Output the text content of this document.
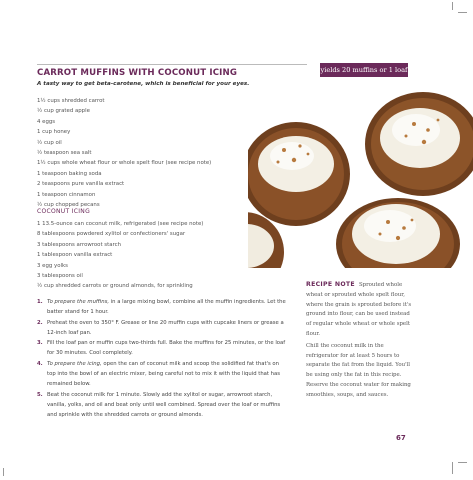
yields 20 muffins or 1 loaf
CARROT MUFFINS WITH COCONUT ICING
A tasty way to get beta-carotene, which is beneficial for your eyes.
1½ cups shredded carrot
½ cup grated apple
4 eggs
1 cup honey
½ cup oil
½ teaspoon sea salt
1½ cups whole wheat flour or whole spelt flour (see recipe note)
1 teaspoon baking soda
2 teaspoons pure vanilla extract
1 teaspoon cinnamon
½ cup chopped pecans
COCONUT ICING
1 13.5-ounce can coconut milk, refrigerated (see recipe note)
8 tablespoons powdered xylitol or confectioners' sugar
3 tablespoons arrowroot starch
1 tablespoon vanilla extract
3 egg yolks
3 tablespoons oil
½ cup shredded carrots or ground almonds, for sprinkling
1. To prepare the muffins, in a large mixing bowl, combine all the muffin ingredients. Let the batter stand for 1 hour.
2. Preheat the oven to 350° F. Grease or line 20 muffin cups with cupcake liners or grease a 12-inch loaf pan.
3. Fill the loaf pan or muffin cups two-thirds full. Bake the muffins for 25 minutes, or the loaf for 30 minutes. Cool completely.
4. To prepare the icing, open the can of coconut milk and scoop the solidified fat that's on top into the bowl of an electric mixer, being careful not to mix it with the liquid that has remained below.
5. Beat the coconut milk for 1 minute. Slowly add the xylitol or sugar, arrowroot starch, vanilla, yolks, and oil and beat only until well combined. Spread over the loaf or muffins and sprinkle with the shredded carrots or ground almonds.

RECIPE NOTE Sprouted whole wheat or sprouted whole spelt flour, where the grain is sprouted before it's ground into flour, can be used instead of regular whole wheat or whole spelt flour.

Chill the coconut milk in the refrigerator for at least 5 hours to separate the fat from the liquid. You'll be using only the fat in this recipe. Reserve the coconut water for making smoothies, soups, and sauces.

67
